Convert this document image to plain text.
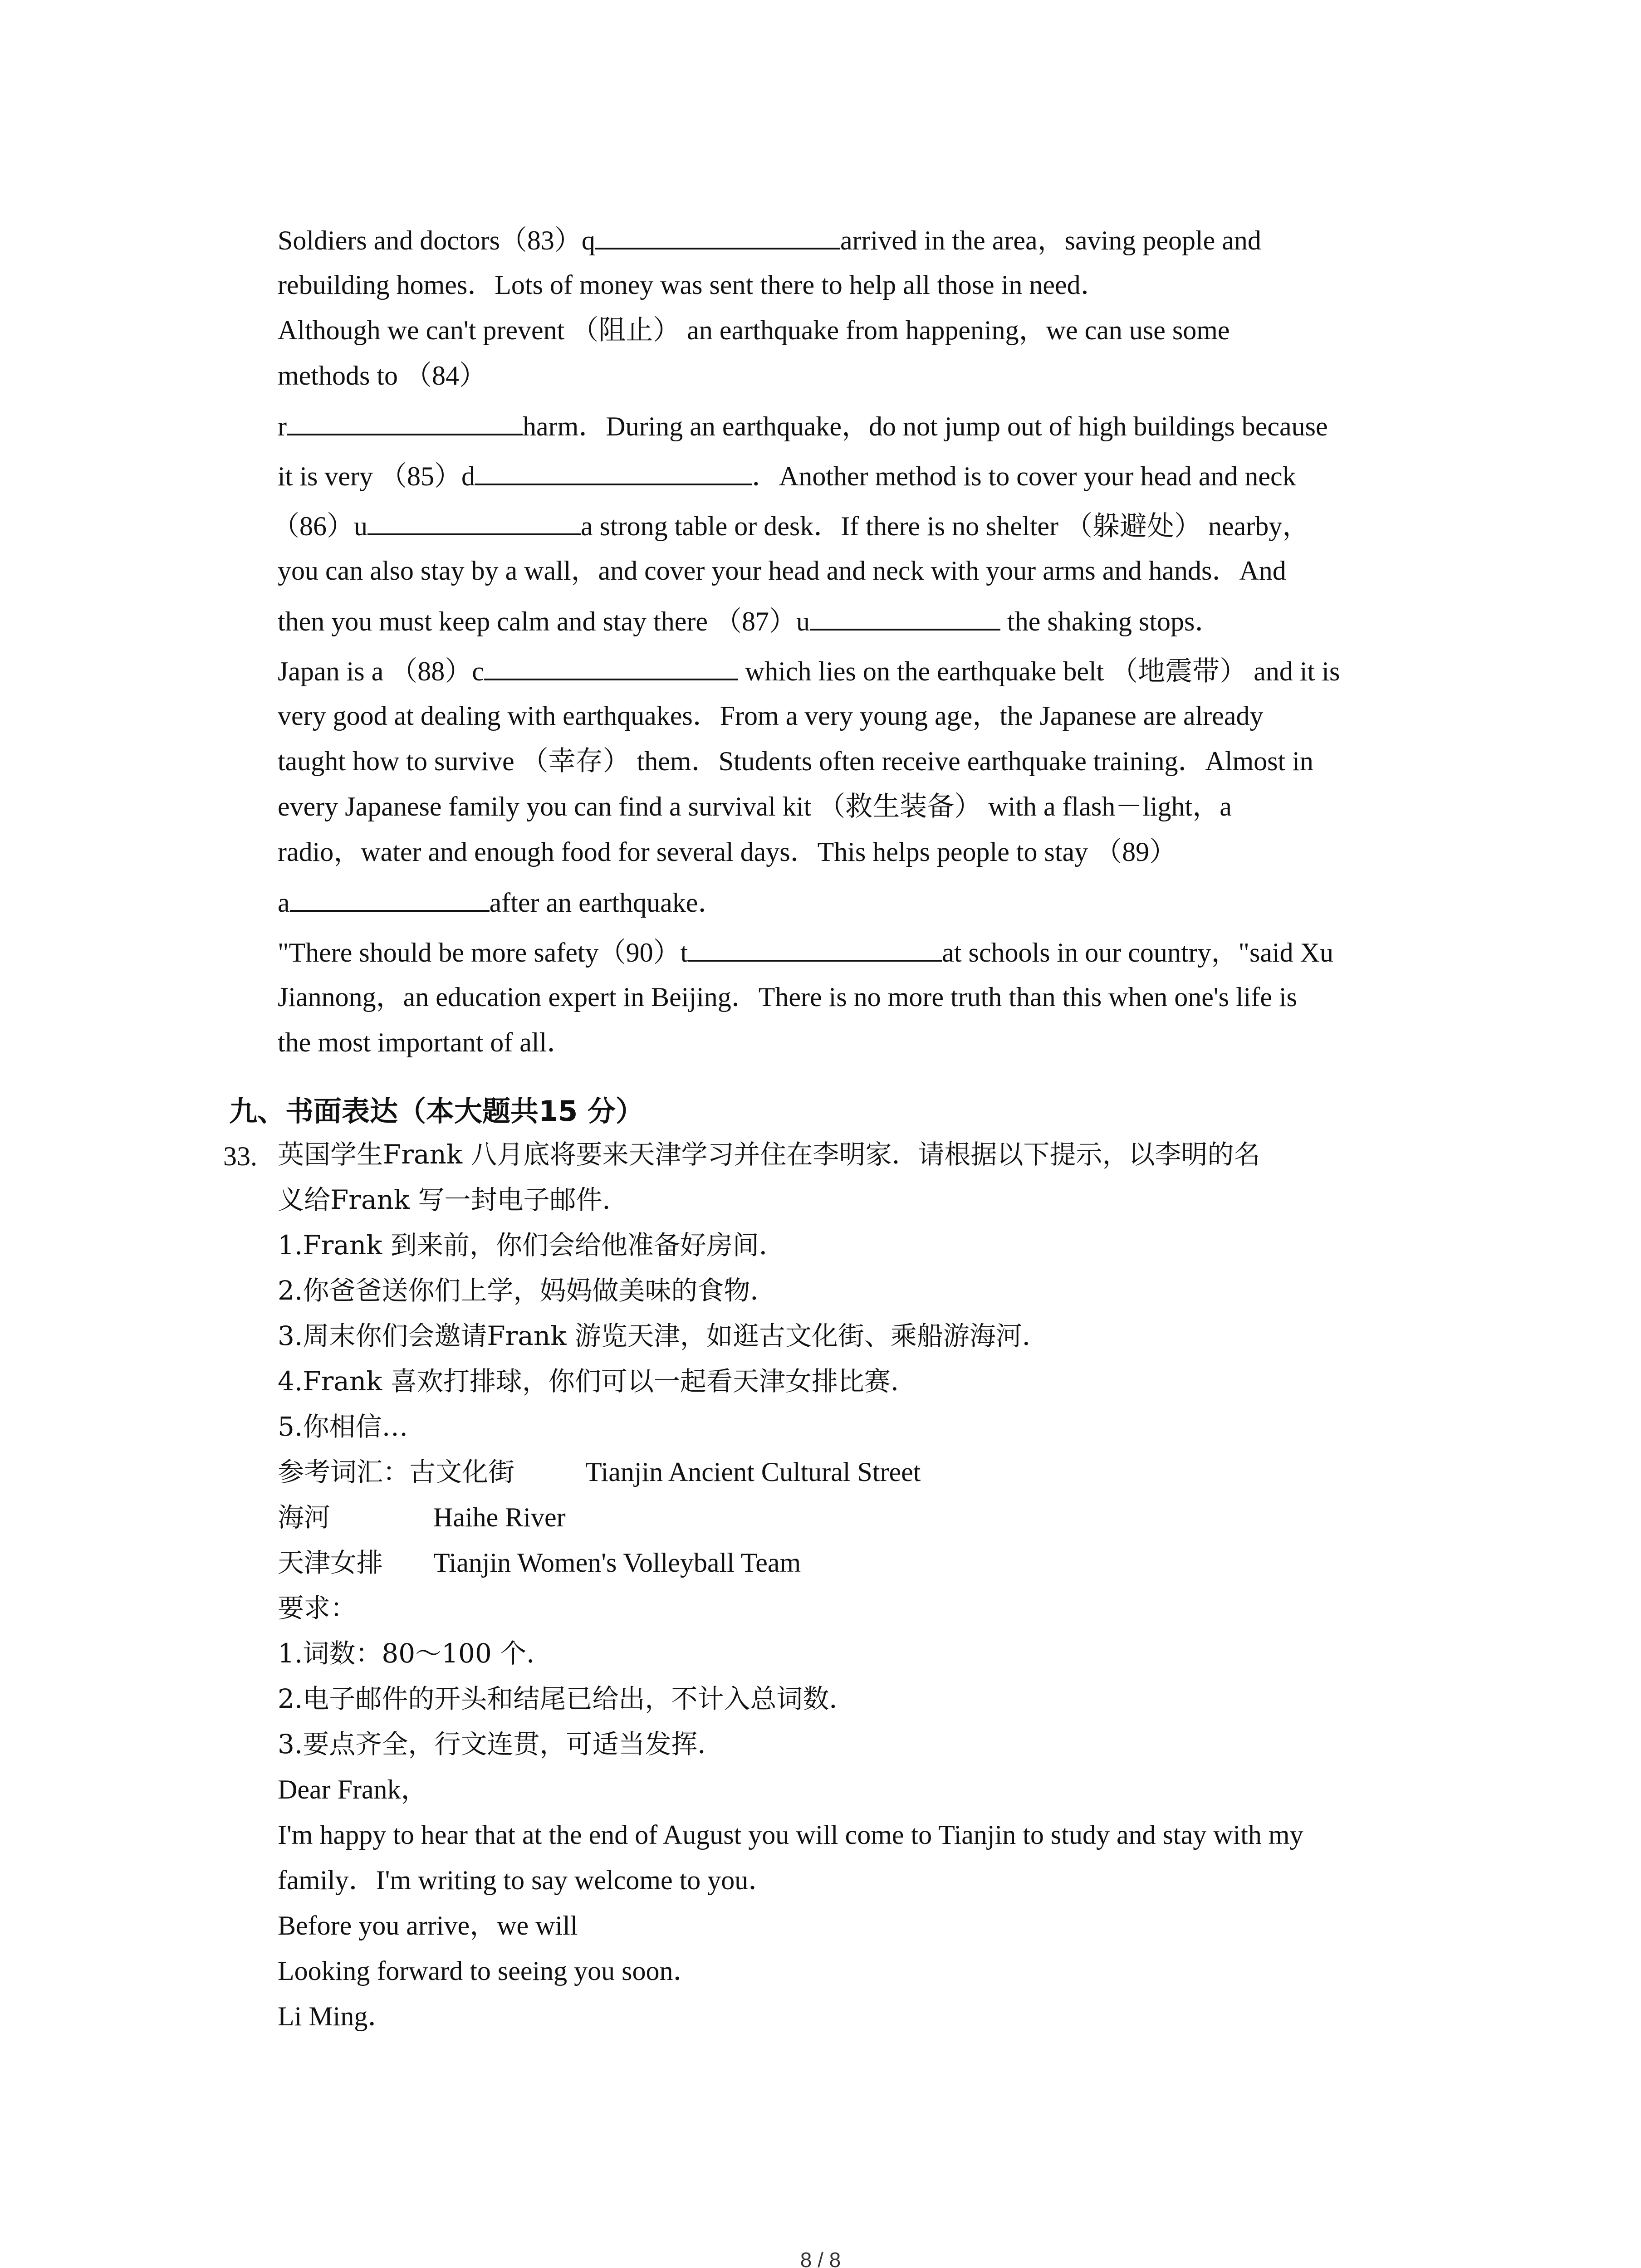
Soldiers and doctors（83）q	arrived in the area，saving people and
rebuilding homes．Lots of money was sent there to help all those in need．
Although we can't prevent （阻止） an earthquake from happening，we can use some
methods to （84）
r	harm．During an earthquake，do not jump out of high buildings because
it is very （85）d	．Another method is to cover your head and neck
（86）u	a strong table or desk．If there is no shelter （躲避处） nearby，
you can also stay by a wall，and cover your head and neck with your arms and hands．And
then you must keep calm and stay there （87）u	the shaking stops．
Japan is a （88）c	which lies on the earthquake belt （地震带） and it is
very good at dealing with earthquakes．From a very young age，the Japanese are already
taught how to survive （幸存） them．Students often receive earthquake training．Almost in
every Japanese family you can find a survival kit （救生装备） with a flash－light，a
radio，water and enough food for several days．This helps people to stay （89）
a	after an earthquake．
"There should be more safety（90）t	at schools in our country，"said Xu
Jiannong，an education expert in Beijing．There is no more truth than this when one's life is
the most important of all．
九、书面表达（本大题共15 分）
33. 英国学生Frank 八月底将要来天津学习并住在李明家．请根据以下提示，以李明的名
义给Frank 写一封电子邮件．
1.Frank 到来前，你们会给他准备好房间．
2.你爸爸送你们上学，妈妈做美味的食物．
3.周末你们会邀请Frank 游览天津，如逛古文化街、乘船游海河．
4.Frank 喜欢打排球，你们可以一起看天津女排比赛．
5.你相信…
参考词汇：古文化街	Tianjin Ancient Cultural Street
海河	Haihe River
天津女排 Tianjin Women's Volleyball Team
要求：
1.词数：80～100 个．
2.电子邮件的开头和结尾已给出，不计入总词数．
3.要点齐全，行文连贯，可适当发挥．
Dear Frank，
I'm happy to hear that at the end of August you will come to Tianjin to study and stay with my
family．I'm writing to say welcome to you．
Before you arrive，we will
Looking forward to seeing you soon．
Li Ming．
8 / 8
